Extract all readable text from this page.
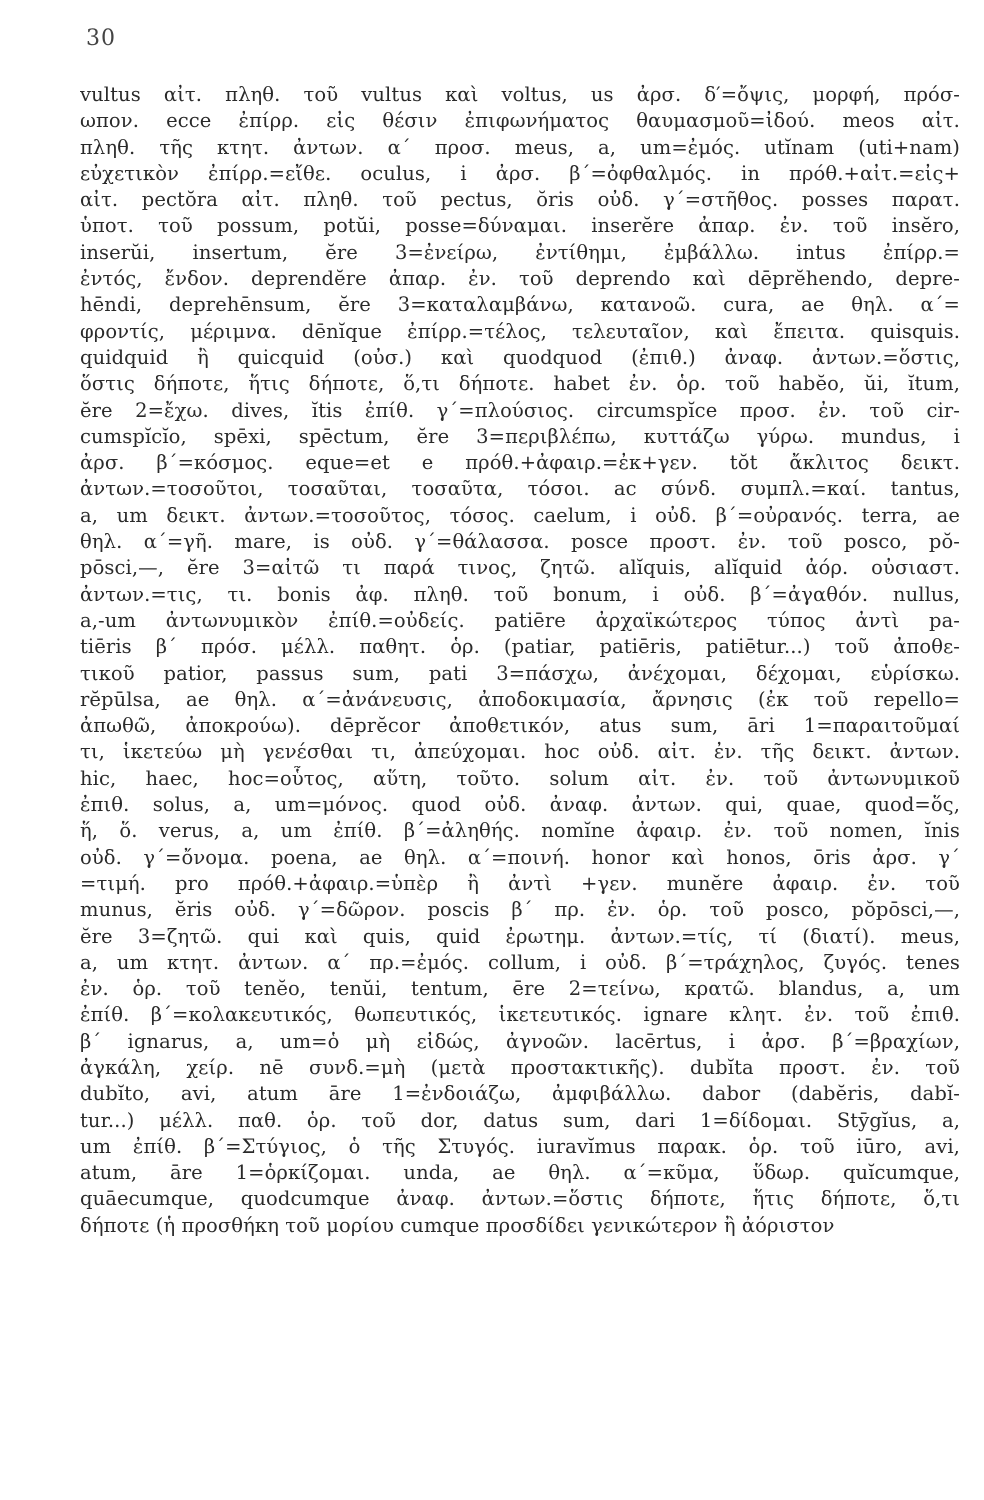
30
vultus αἰτ. πληθ. τοῦ vultus καὶ voltus, us ἀρσ. δ′=ὄψις, μορφή, πρόσ-
ωπον. ecce ἐπίρρ. εἰς θέσιν ἐπιφωνήματος θαυμασμοῦ=ἰδού. meos αἰτ.
πληθ. τῆς κτητ. ἀντων. α΄ προσ. meus, a, um=ἐμός. utĭnam (uti+nam)
εὐχετικὸν ἐπίρρ.=εἴθε. oculus, i ἀρσ. β΄=ὀφθαλμός. in πρόθ.+αἰτ.=εἰς+
αἰτ. pectŏra αἰτ. πληθ. τοῦ pectus, ŏris οὐδ. γ΄=στῆθος. posses παρατ.
ὑποτ. τοῦ possum, potŭi, posse=δύναμαι. inserĕre ἀπαρ. ἐν. τοῦ insĕro,
inserŭi, insertum, ĕre 3=ἐνείρω, ἐντίθημι, ἐμβάλλω. intus ἐπίρρ.=
ἐντός, ἔνδον. deprendĕre ἀπαρ. ἐν. τοῦ deprendo καὶ dēprĕhendo, depre-
hēndi, deprehēnsum, ĕre 3=καταλαμβάνω, κατανοῶ. cura, ae θηλ. α΄=
φροντίς, μέριμνα. dēnĭque ἐπίρρ.=τέλος, τελευταῖον, καὶ ἔπειτα. quisquis.
quidquid ἢ quicquid (οὐσ.) καὶ quodquod (ἐπιθ.) ἀναφ. ἀντων.=ὅστις,
ὅστις δήποτε, ἥτις δήποτε, ὅ,τι δήποτε. habet ἐν. ὁρ. τοῦ habĕo, ŭi, ĭtum,
ĕre 2=ἔχω. dives, ĭtis ἐπίθ. γ΄=πλούσιος. circumspĭce προσ. ἐν. τοῦ cir-
cumspĭcĭo, spēxi, spēctum, ĕre 3=περιβλέπω, κυττάζω γύρω. mundus, i
ἀρσ. β΄=κόσμος. eque=et e πρόθ.+ἀφαιρ.=ἐκ+γεν. tŏt ἄκλιτος δεικτ.
ἀντων.=τοσοῦτοι, τοσαῦται, τοσαῦτα, τόσοι. ac σύνδ. συμπλ.=καί. tantus,
a, um δεικτ. ἀντων.=τοσοῦτος, τόσος. caelum, i οὐδ. β΄=οὐρανός. terra, ae
θηλ. α΄=γῆ. mare, is οὐδ. γ΄=θάλασσα. posce προστ. ἐν. τοῦ posco, pŏ-
pōsci,—, ĕre 3=αἰτῶ τι παρά τινος, ζητῶ. alĭquis, alĭquid ἀόρ. οὐσιαστ.
ἀντων.=τις, τι. bonis ἀφ. πληθ. τοῦ bonum, i οὐδ. β΄=ἀγαθόν. nullus,
a,-um ἀντωνυμικὸν ἐπίθ.=οὐδείς. patiēre ἀρχαϊκώτερος τύπος ἀντὶ pa-
tiēris β΄ πρόσ. μέλλ. παθητ. ὁρ. (patiar, patiēris, patiētur...) τοῦ ἀποθε-
τικοῦ patior, passus sum, pati 3=πάσχω, ἀνέχομαι, δέχομαι, εὑρίσκω.
rĕpūlsa, ae θηλ. α΄=ἀνάνευσις, ἀποδοκιμασία, ἄρνησις (ἐκ τοῦ repello=
ἀπωθῶ, ἀποκρούω). dēprĕcor ἀποθετικόν, atus sum, āri 1=παραιτοῦμαί
τι, ἱκετεύω μὴ γενέσθαι τι, ἀπεύχομαι. hoc οὐδ. αἰτ. ἐν. τῆς δεικτ. ἀντων.
hic, haec, hoc=οὗτος, αὕτη, τοῦτο. solum αἰτ. ἐν. τοῦ ἀντωνυμικοῦ
ἐπιθ. solus, a, um=μόνος. quod οὐδ. ἀναφ. ἀντων. qui, quae, quod=ὅς,
ἥ, ὅ. verus, a, um ἐπίθ. β΄=ἀληθής. nomĭne ἀφαιρ. ἐν. τοῦ nomen, ĭnis
οὐδ. γ΄=ὄνομα. poena, ae θηλ. α΄=ποινή. honor καὶ honos, ōris ἀρσ. γ΄
=τιμή. pro πρόθ.+ἀφαιρ.=ὑπὲρ ἢ ἀντὶ +γεν. munĕre ἀφαιρ. ἐν. τοῦ
munus, ĕris οὐδ. γ΄=δῶρον. poscis β΄ πρ. ἐν. ὁρ. τοῦ posco, pŏpōsci,—,
ĕre 3=ζητῶ. qui καὶ quis, quid ἐρωτημ. ἀντων.=τίς, τί (διατί). meus,
a, um κτητ. ἀντων. α΄ πρ.=ἐμός. collum, i οὐδ. β΄=τράχηλος, ζυγός. tenes
ἐν. ὁρ. τοῦ tenĕo, tenŭi, tentum, ēre 2=τείνω, κρατῶ. blandus, a, um
ἐπίθ. β΄=κολακευτικός, θωπευτικός, ἱκετευτικός. ignare κλητ. ἐν. τοῦ ἐπιθ.
β΄ ignarus, a, um=ὁ μὴ εἰδώς, ἀγνοῶν. lacērtus, i ἀρσ. β΄=βραχίων,
ἀγκάλη, χείρ. nē συνδ.=μὴ (μετὰ προστακτικῆς). dubĭta προστ. ἐν. τοῦ
dubĭto, avi, atum āre 1=ἐνδοιάζω, ἀμφιβάλλω. dabor (dabĕris, dabĭ-
tur...) μέλλ. παθ. ὁρ. τοῦ dor, datus sum, dari 1=δίδομαι. Stȳgĭus, a,
um ἐπίθ. β΄=Στύγιος, ὁ τῆς Στυγός. iuravĭmus παρακ. ὁρ. τοῦ iūro, avi,
atum, āre 1=ὁρκίζομαι. unda, ae θηλ. α΄=κῦμα, ὕδωρ. quĭcumque,
quāecumque, quodcumque ἀναφ. ἀντων.=ὅστις δήποτε, ἥτις δήποτε, ὅ,τι
δήποτε (ἡ προσθήκη τοῦ μορίου cumque προσδίδει γενικώτερον ἢ ἀόριστον
